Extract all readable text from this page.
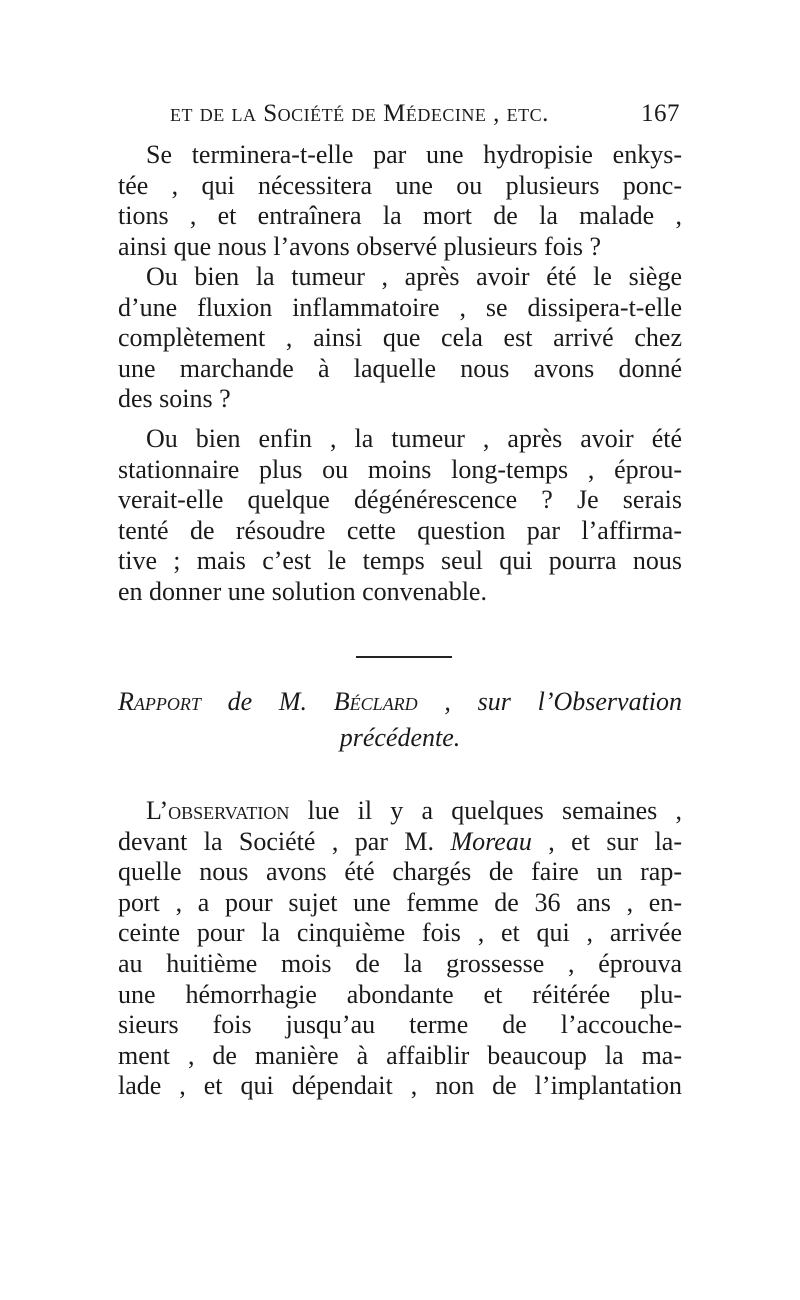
et de la Société de Médecine , etc.	167
Se terminera-t-elle par une hydropisie enkys-
tée , qui nécessitera une ou plusieurs ponc-
tions , et entraînera la mort de la malade ,
ainsi que nous l’avons observé plusieurs fois ?
Ou bien la tumeur , après avoir été le siège
d’une fluxion inflammatoire , se dissipera-t-elle
complètement , ainsi que cela est arrivé chez
une marchande à laquelle nous avons donné
des soins ?
Ou bien enfin , la tumeur , après avoir été
stationnaire plus ou moins long-temps , éprou-
verait-elle quelque dégénérescence ? Je serais
tenté de résoudre cette question par l’affirma-
tive ; mais c’est le temps seul qui pourra nous
en donner une solution convenable.
Rapport de M. Béclard , sur l’Observation
précédente.
L’observation lue il y a quelques semaines ,
devant la Société , par M. Moreau , et sur la-
quelle nous avons été chargés de faire un rap-
port , a pour sujet une femme de 36 ans , en-
ceinte pour la cinquième fois , et qui , arrivée
au huitième mois de la grossesse , éprouva
une hémorrhagie abondante et réitérée plu-
sieurs fois jusqu’au terme de l’accouche-
ment , de manière à affaiblir beaucoup la ma-
lade , et qui dépendait , non de l’implantation
